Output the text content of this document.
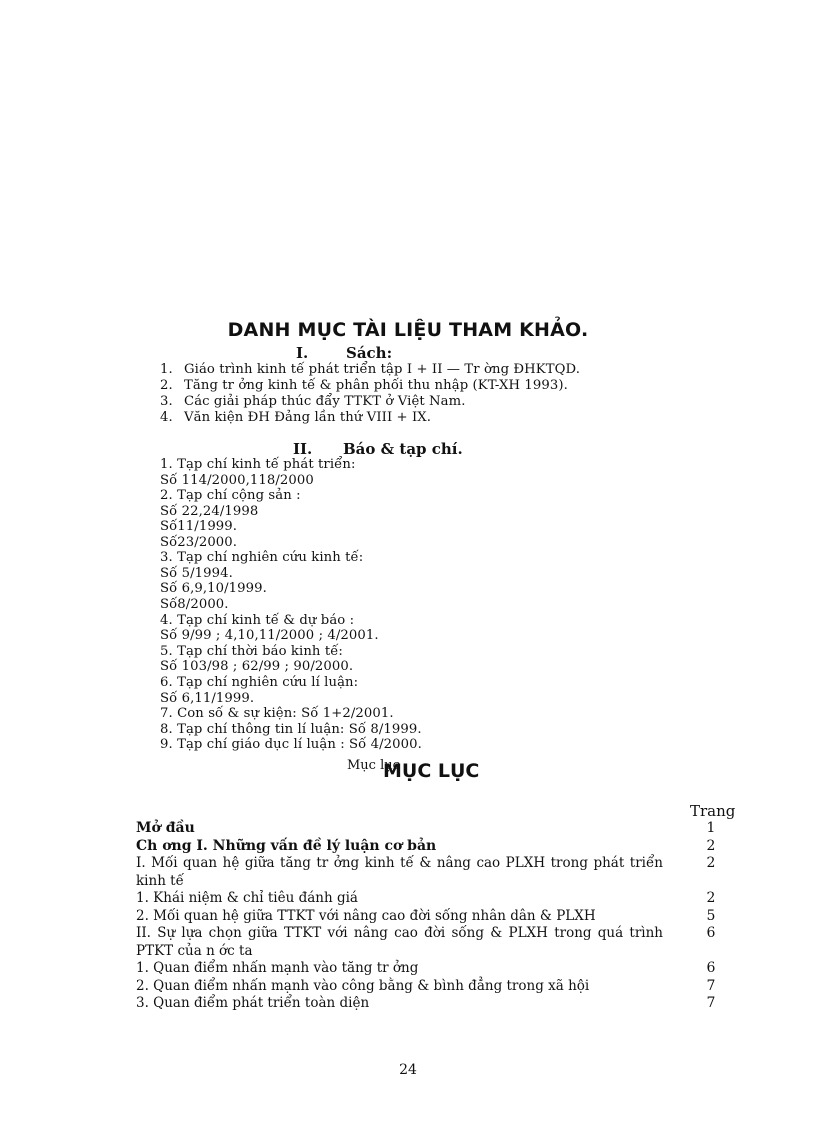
DANH MỤC TÀI LIỆU THAM KHẢO.
I.	Sách:
1. Giáo trình kinh tế phát triển tập I + II — Tr ờng ĐHKTQD.
2. Tăng tr ởng kinh tế & phân phối thu nhập (KT-XH 1993).
3. Các giải pháp thúc đẩy TTKT ở Việt Nam.
4. Văn kiện ĐH Đảng lần thứ VIII + IX.
II. Báo & tạp chí.
1. Tạp chí kinh tế phát triển:
Số 114/2000,118/2000
2. Tạp chí cộng sản :
Số 22,24/1998
Số11/1999.
Số23/2000.
3. Tạp chí nghiên cứu kinh tế:
Số 5/1994.
Số 6,9,10/1999.
Số8/2000.
4. Tạp chí kinh tế & dự báo :
Số 9/99 ; 4,10,11/2000 ; 4/2001.
5. Tạp chí thời báo kinh tế:
Số 103/98 ; 62/99 ; 90/2000.
6. Tạp chí nghiên cứu lí luận:
Số 6,11/1999.
7. Con số & sự kiện: Số 1+2/2001.
8. Tạp chí thông tin lí luận: Số 8/1999.
9. Tạp chí giáo dục lí luận : Số 4/2000.
Mục lục
MỤC LỤC
Trang
Mở đầu	1
Ch ơng I. Những vấn đề lý luận cơ bản	2
I. Mối quan hệ giữa tăng tr ởng kinh tế & nâng cao PLXH trong phát triển kinh tế
2
1. Khái niệm & chỉ tiêu đánh giá	2
2. Mối quan hệ giữa TTKT với nâng cao đời sống nhân dân & PLXH	5
II. Sự lựa chọn giữa TTKT với nâng cao đời sống & PLXH trong quá trình PTKT của n ớc ta
6
1. Quan điểm nhấn mạnh vào tăng tr ởng	6
2. Quan điểm nhấn mạnh vào công bằng & bình đẳng trong xã hội	7
3. Quan điểm phát triển toàn diện	7
24
